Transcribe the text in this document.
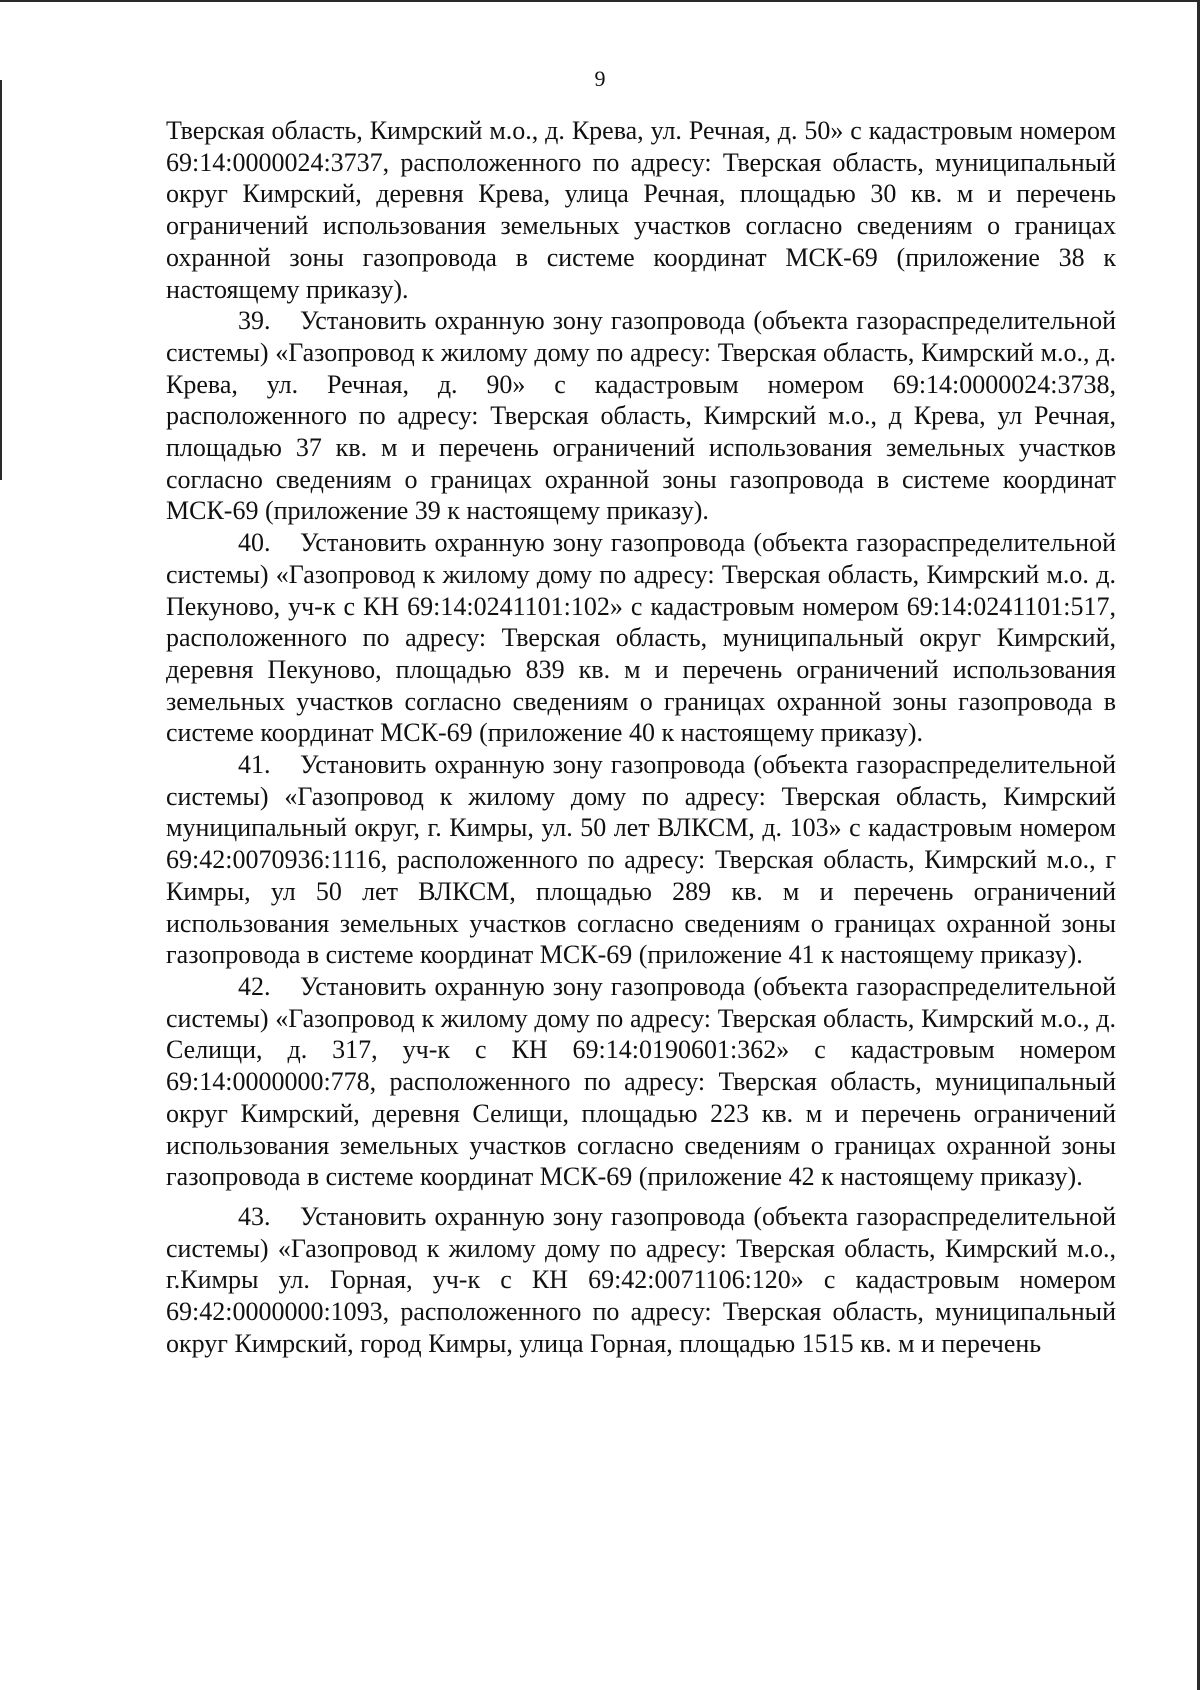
9

Тверская область, Кимрский м.о., д. Крева, ул. Речная, д. 50» с кадастровым номером 69:14:0000024:3737, расположенного по адресу: Тверская область, муниципальный округ Кимрский, деревня Крева, улица Речная, площадью 30 кв. м и перечень ограничений использования земельных участков согласно сведениям о границах охранной зоны газопровода в системе координат МСК-69 (приложение 38 к настоящему приказу).

39. Установить охранную зону газопровода (объекта газораспределительной системы) «Газопровод к жилому дому по адресу: Тверская область, Кимрский м.о., д. Крева, ул. Речная, д. 90» с кадастровым номером 69:14:0000024:3738, расположенного по адресу: Тверская область, Кимрский м.о., д Крева, ул Речная, площадью 37 кв. м и перечень ограничений использования земельных участков согласно сведениям о границах охранной зоны газопровода в системе координат МСК-69 (приложение 39 к настоящему приказу).

40. Установить охранную зону газопровода (объекта газораспределительной системы) «Газопровод к жилому дому по адресу: Тверская область, Кимрский м.о. д. Пекуново, уч-к с КН 69:14:0241101:102» с кадастровым номером 69:14:0241101:517, расположенного по адресу: Тверская область, муниципальный округ Кимрский, деревня Пекуново, площадью 839 кв. м и перечень ограничений использования земельных участков согласно сведениям о границах охранной зоны газопровода в системе координат МСК-69 (приложение 40 к настоящему приказу).

41. Установить охранную зону газопровода (объекта газораспределительной системы) «Газопровод к жилому дому по адресу: Тверская область, Кимрский муниципальный округ, г. Кимры, ул. 50 лет ВЛКСМ, д. 103» с кадастровым номером 69:42:0070936:1116, расположенного по адресу: Тверская область, Кимрский м.о., г Кимры, ул 50 лет ВЛКСМ, площадью 289 кв. м и перечень ограничений использования земельных участков согласно сведениям о границах охранной зоны газопровода в системе координат МСК-69 (приложение 41 к настоящему приказу).

42. Установить охранную зону газопровода (объекта газораспределительной системы) «Газопровод к жилому дому по адресу: Тверская область, Кимрский м.о., д. Селищи, д. 317, уч-к с КН 69:14:0190601:362» с кадастровым номером 69:14:0000000:778, расположенного по адресу: Тверская область, муниципальный округ Кимрский, деревня Селищи, площадью 223 кв. м и перечень ограничений использования земельных участков согласно сведениям о границах охранной зоны газопровода в системе координат МСК-69 (приложение 42 к настоящему приказу).

43. Установить охранную зону газопровода (объекта газораспределительной системы) «Газопровод к жилому дому по адресу: Тверская область, Кимрский м.о., г.Кимры ул. Горная, уч-к с КН 69:42:0071106:120» с кадастровым номером 69:42:0000000:1093, расположенного по адресу: Тверская область, муниципальный округ Кимрский, город Кимры, улица Горная, площадью 1515 кв. м и перечень
